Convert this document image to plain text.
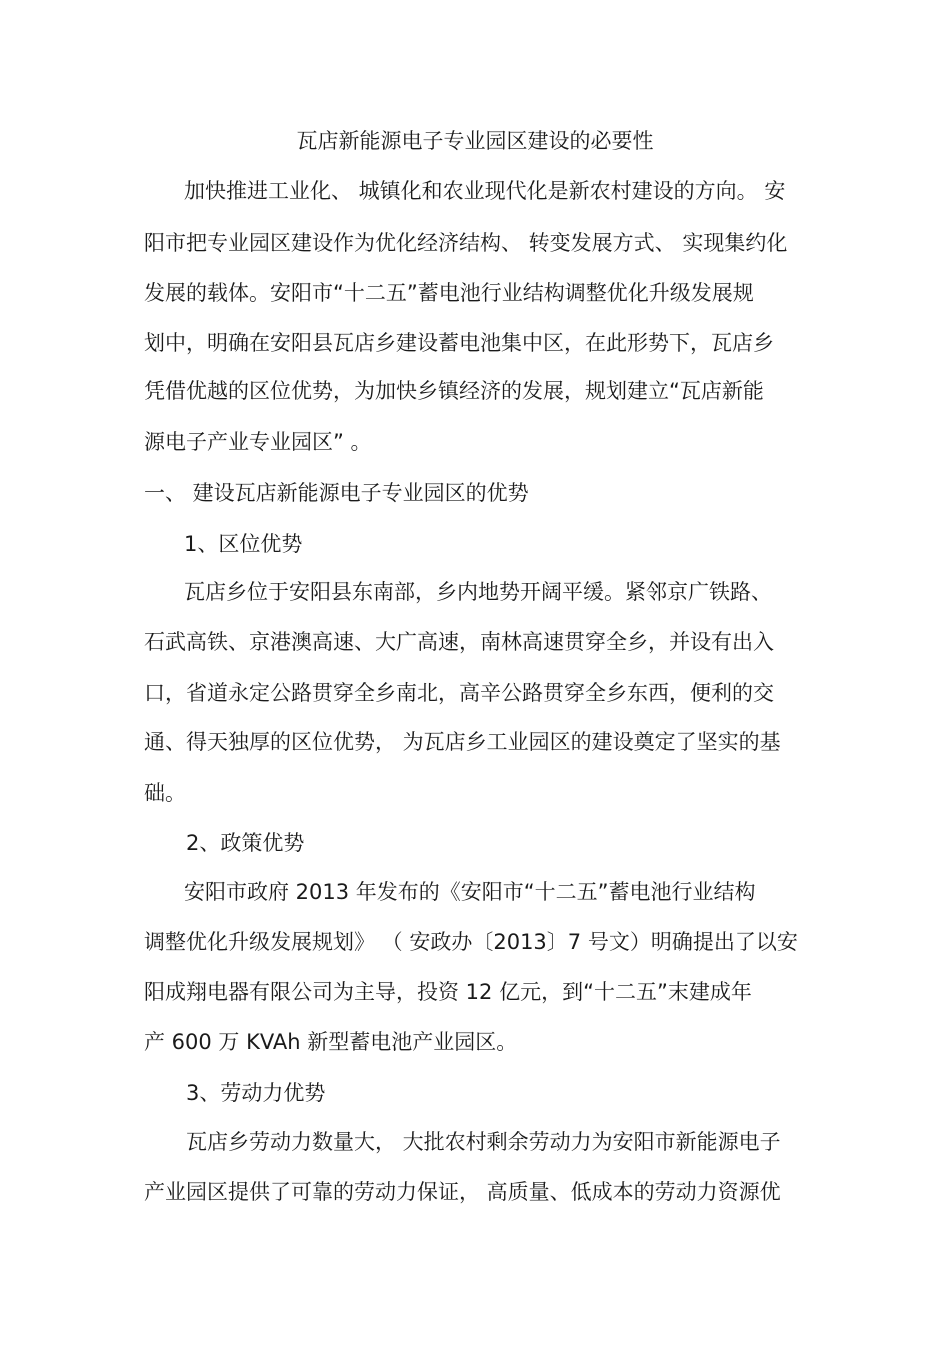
瓦店新能源电子专业园区建设的必要性
加快推进工业化、 城镇化和农业现代化是新农村建设的方向。 安
阳市把专业园区建设作为优化经济结构、 转变发展方式、 实现集约化
发展的载体。安阳市“十二五”蓄电池行业结构调整优化升级发展规
划中，明确在安阳县瓦店乡建设蓄电池集中区，在此形势下，瓦店乡
凭借优越的区位优势，为加快乡镇经济的发展，规划建立“瓦店新能
源电子产业专业园区” 。
一、 建设瓦店新能源电子专业园区的优势
1、区位优势
瓦店乡位于安阳县东南部，乡内地势开阔平缓。紧邻京广铁路、
石武高铁、京港澳高速、大广高速，南林高速贯穿全乡，并设有出入
口，省道永定公路贯穿全乡南北，高辛公路贯穿全乡东西，便利的交
通、得天独厚的区位优势， 为瓦店乡工业园区的建设奠定了坚实的基
础。
2、政策优势
安阳市政府 2013 年发布的《安阳市“十二五”蓄电池行业结构
调整优化升级发展规划》 （ 安政办〔2013〕7 号文）明确提出了以安
阳成翔电器有限公司为主导，投资 12 亿元，到“十二五”末建成年
产 600 万 KVAh 新型蓄电池产业园区。
3、劳动力优势
瓦店乡劳动力数量大， 大批农村剩余劳动力为安阳市新能源电子
产业园区提供了可靠的劳动力保证， 高质量、低成本的劳动力资源优
